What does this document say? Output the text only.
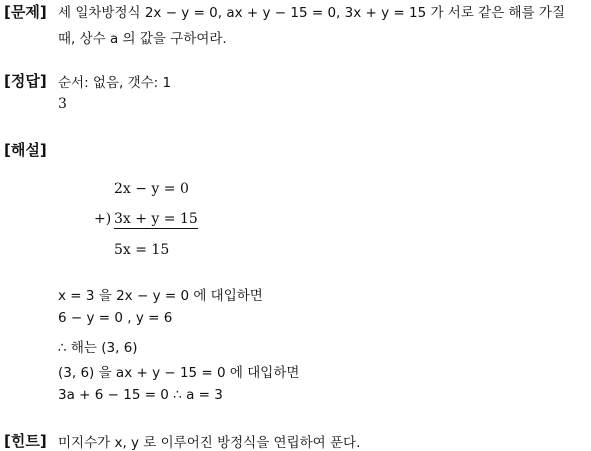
[문제] 세 일차방정식 2x − y = 0, ax + y − 15 = 0, 3x + y = 15 가 서로 같은 해를 가질
때, 상수 a 의 값을 구하여라.
[정답] 순서: 없음, 갯수: 1
3
[해설]
2x − y = 0
+) 3x + y = 15
5x = 15
x = 3 을 2x − y = 0 에 대입하면
6 − y = 0 , y = 6
∴ 해는 (3, 6)
(3, 6) 을 ax + y − 15 = 0 에 대입하면
3a + 6 − 15 = 0 ∴ a = 3
[힌트] 미지수가 x, y 로 이루어진 방정식을 연립하여 푼다.
